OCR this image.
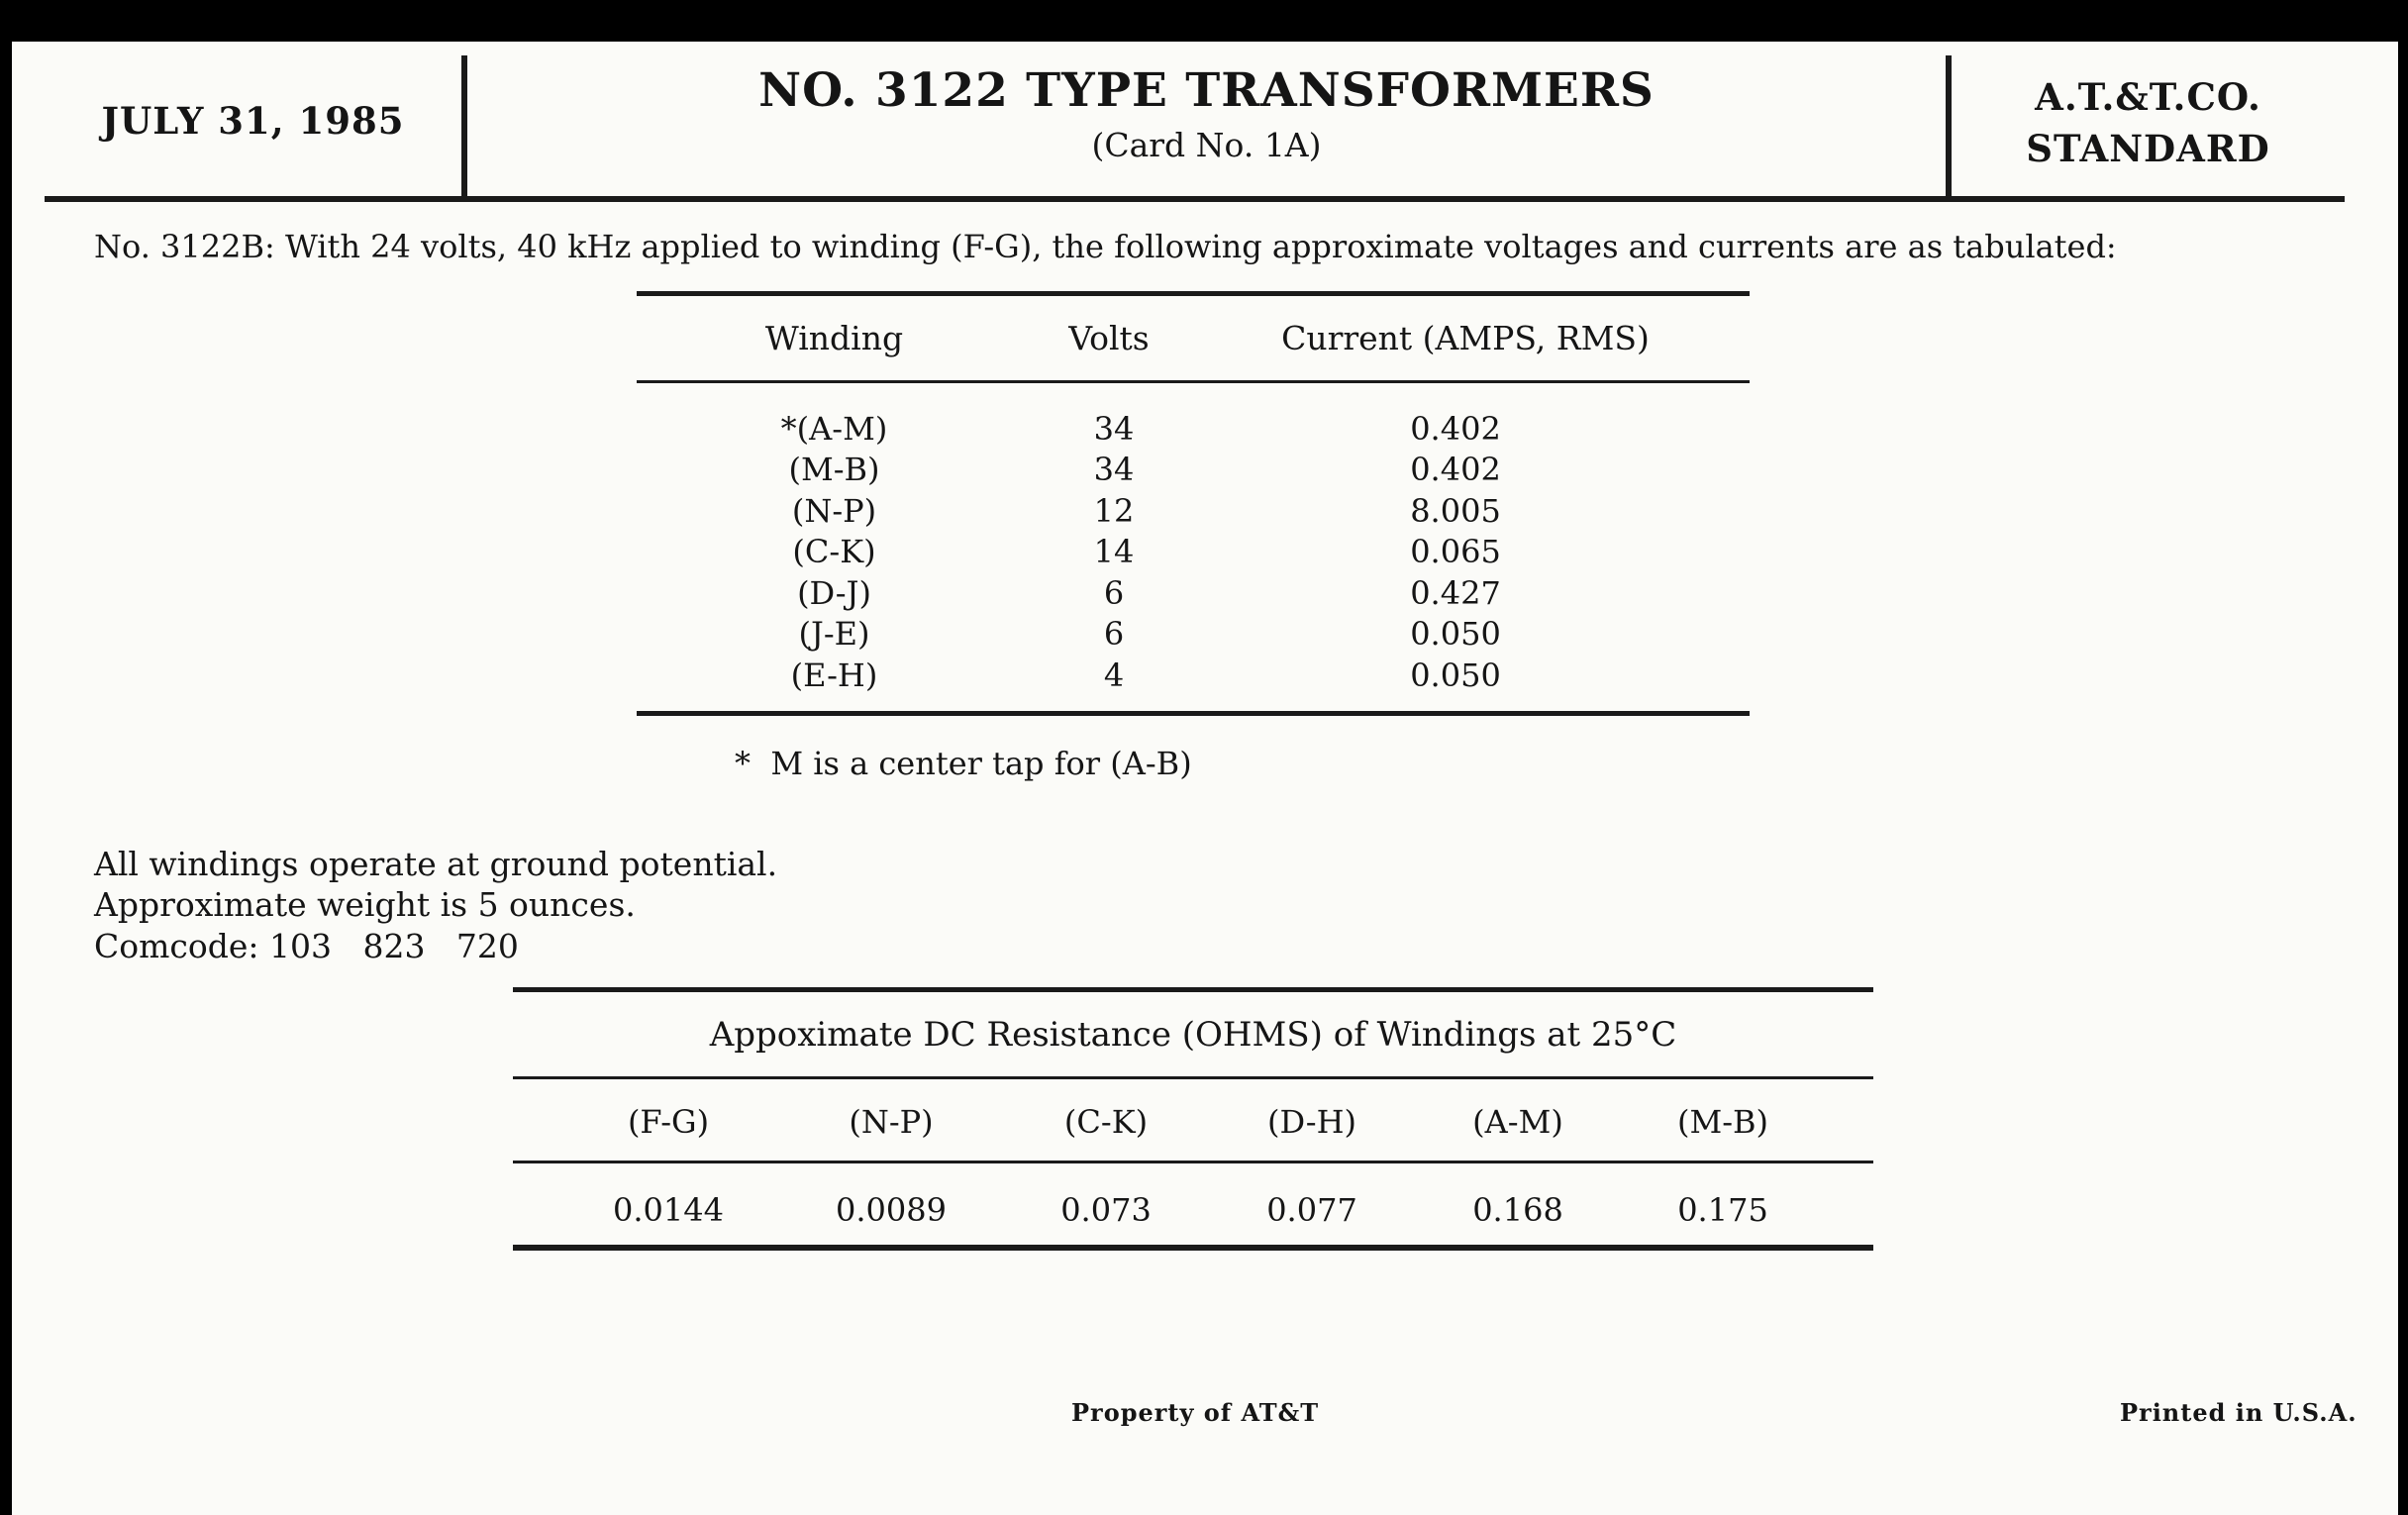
JULY 31, 1985
NO. 3122 TYPE TRANSFORMERS
(Card No. 1A)
A.T.&T.CO.
STANDARD
No. 3122B: With 24 volts, 40 kHz applied to winding (F-G), the following approximate voltages and currents are as tabulated:
Winding	Volts	Current (AMPS, RMS)
*(A-M)	34	0.402
(M-B)	34	0.402
(N-P)	12	8.005
(C-K)	14	0.065
(D-J)	6	0.427
(J-E)	6	0.050
(E-H)	4	0.050
*  M is a center tap for (A-B)
All windings operate at ground potential.
Approximate weight is 5 ounces.
Comcode: 103   823   720
Appoximate DC Resistance (OHMS) of Windings at 25°C
(F-G)	(N-P)	(C-K)	(D-H)	(A-M)	(M-B)
0.0144	0.0089	0.073	0.077	0.168	0.175
Property of AT&T	Printed in U.S.A.
